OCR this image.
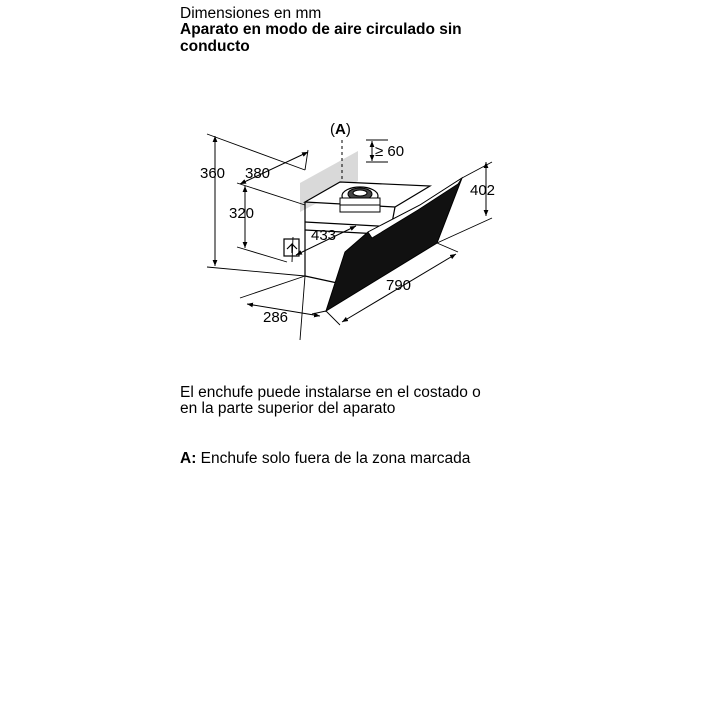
Dimensiones en mm
Aparato en modo de aire circulado sin
conducto
360 380
320
433
286
790
402
≥ 60
(A)
El enchufe puede instalarse en el costado o
en la parte superior del aparato
A: Enchufe solo fuera de la zona marcada
